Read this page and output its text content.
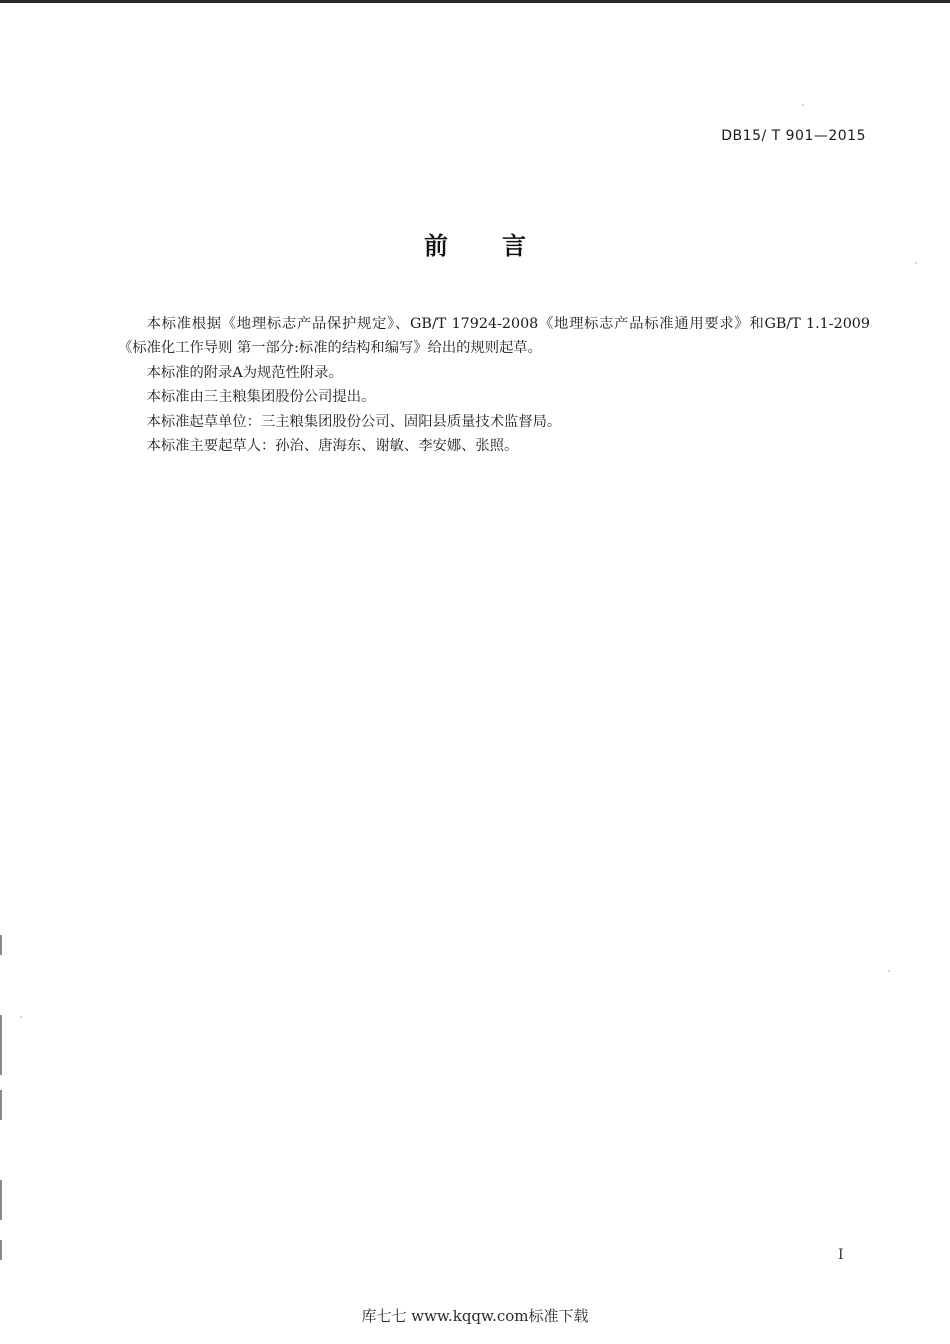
DB15/ T 901—2015
前言

本标准根据《地理标志产品保护规定》、GB/T 17924-2008《地理标志产品标准通用要求》和GB/T 1.1-2009《标准化工作导则 第一部分:标准的结构和编写》给出的规则起草。

本标准的附录A为规范性附录。

本标准由三主粮集团股份公司提出。

本标准起草单位：三主粮集团股份公司、固阳县质量技术监督局。

本标准主要起草人：孙治、唐海东、谢敏、李安娜、张照。

I
库七七 www.kqqw.com标准下载
